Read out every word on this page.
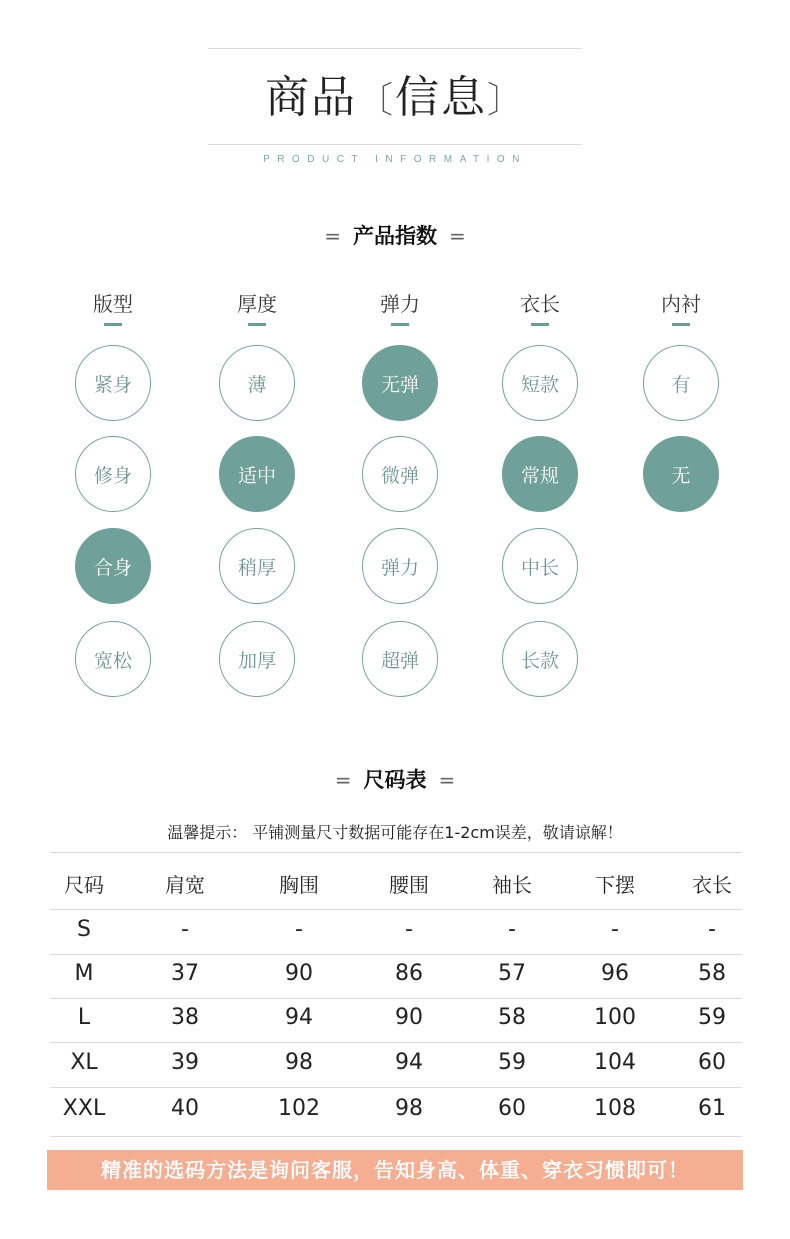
商品〔信息〕
PRODUCT INFORMATION
= 产品指数 =
版型
紧身
修身
合身
宽松
厚度
薄
适中
稍厚
加厚
弹力
无弹
微弹
弹力
超弹
衣长
短款
常规
中长
长款
内衬
有
无
= 尺码表 =
温馨提示： 平铺测量尺寸数据可能存在1-2cm误差，敬请谅解！
尺码	肩宽	胸围	腰围	袖长	下摆	衣长
S	-	-	-	-	-	-
M	37	90	86	57	96	58
L	38	94	90	58	100	59
XL	39	98	94	59	104	60
XXL	40	102	98	60	108	61
精准的选码方法是询问客服，告知身高、体重、穿衣习惯即可！
